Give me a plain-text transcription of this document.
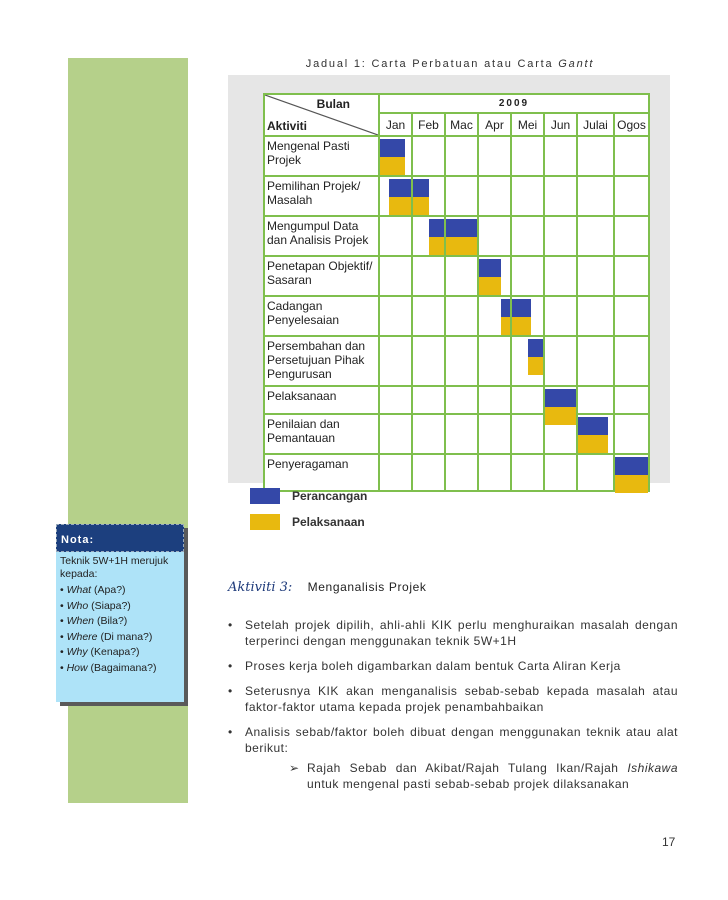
Jadual 1: Carta Perbatuan atau Carta Gantt
Bulan
Aktiviti	2009							
	Jan	Feb	Mac	Apr	Mei	Jun	Julai	Ogos
Mengenal Pasti Projek	

Pemilihan Projek/ Masalah	

Mengumpul Data dan Analisis Projek		

Penetapan Objektif/ Sasaran				

Cadangan Penyelesaian				

Persembahan dan Persetujuan Pihak Pengurusan					

Pelaksanaan						

Penilaian dan Pemantauan							

Penyeragaman								
Perancangan
Pelaksanaan
Nota:
Teknik 5W+1H merujuk kepada:
• What (Apa?)
• Who (Siapa?)
• When (Bila?)
• Where (Di mana?)
• Why (Kenapa?)
• How (Bagaimana?)
Aktiviti 3: Menganalisis Projek
• Setelah projek dipilih, ahli-ahli KIK perlu menghuraikan masalah dengan terperinci dengan menggunakan teknik 5W+1H
• Proses kerja boleh digambarkan dalam bentuk Carta Aliran Kerja
• Seterusnya KIK akan menganalisis sebab-sebab kepada masalah atau faktor-faktor utama kepada projek penambahbaikan
• Analisis sebab/faktor boleh dibuat dengan menggunakan teknik atau alat berikut:
➢ Rajah Sebab dan Akibat/Rajah Tulang Ikan/Rajah Ishikawa untuk mengenal pasti sebab-sebab projek dilaksanakan
17
